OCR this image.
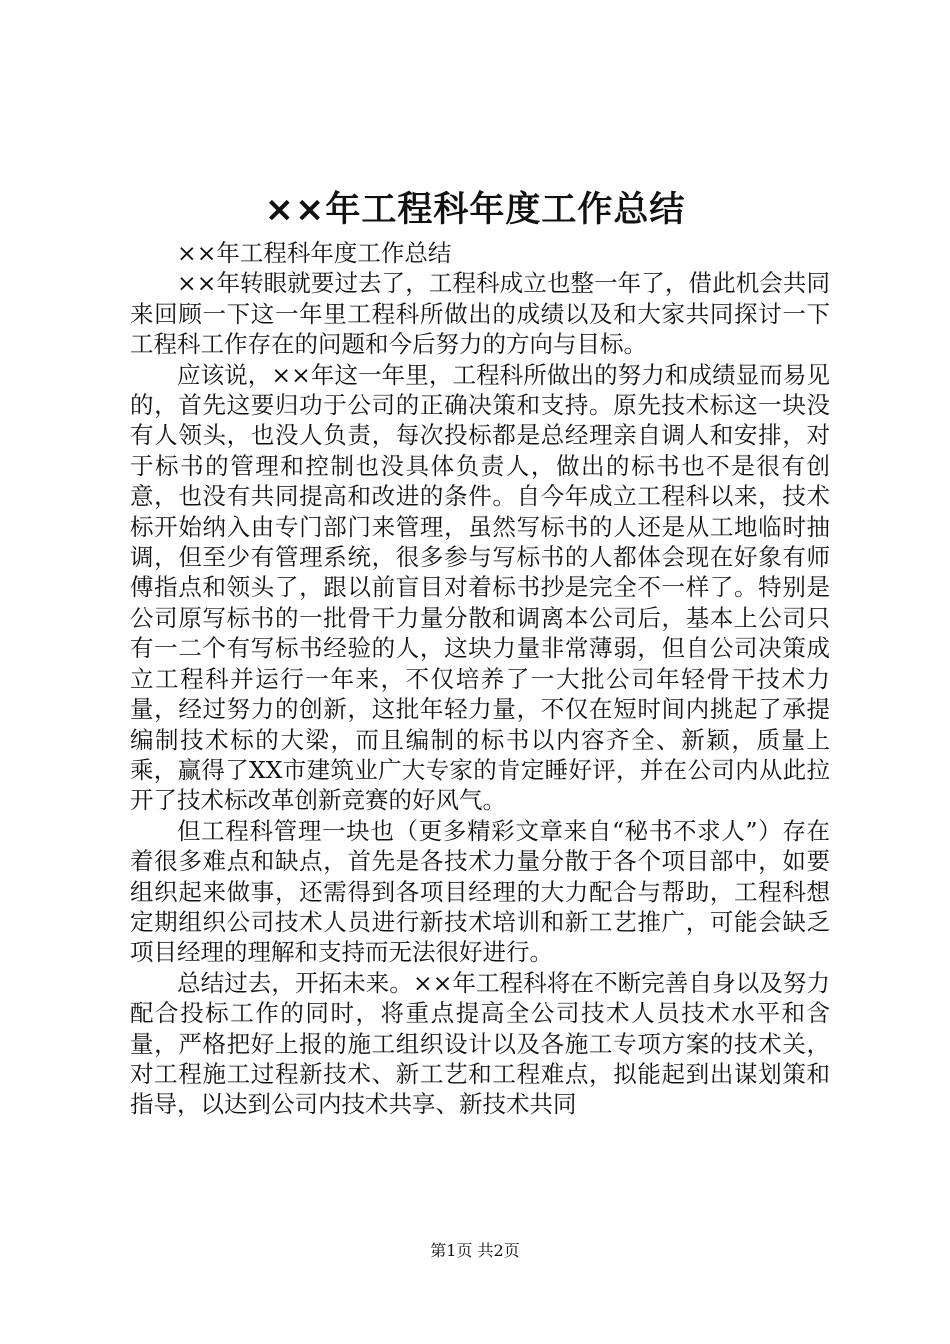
××年工程科年度工作总结

××年工程科年度工作总结

××年转眼就要过去了，工程科成立也整一年了，借此机会共同来回顾一下这一年里工程科所做出的成绩以及和大家共同探讨一下工程科工作存在的问题和今后努力的方向与目标。

应该说，××年这一年里，工程科所做出的努力和成绩显而易见的，首先这要归功于公司的正确决策和支持。原先技术标这一块没有人领头，也没人负责，每次投标都是总经理亲自调人和安排，对于标书的管理和控制也没具体负责人，做出的标书也不是很有创意，也没有共同提高和改进的条件。自今年成立工程科以来，技术标开始纳入由专门部门来管理，虽然写标书的人还是从工地临时抽调，但至少有管理系统，很多参与写标书的人都体会现在好象有师傅指点和领头了，跟以前盲目对着标书抄是完全不一样了。特别是公司原写标书的一批骨干力量分散和调离本公司后，基本上公司只有一二个有写标书经验的人，这块力量非常薄弱，但自公司决策成立工程科并运行一年来，不仅培养了一大批公司年轻骨干技术力量，经过努力的创新，这批年轻力量，不仅在短时间内挑起了承提编制技术标的大梁，而且编制的标书以内容齐全、新颖，质量上乘，赢得了XX市建筑业广大专家的肯定睡好评，并在公司内从此拉开了技术标改革创新竞赛的好风气。

但工程科管理一块也（更多精彩文章来自“秘书不求人”）存在着很多难点和缺点，首先是各技术力量分散于各个项目部中，如要组织起来做事，还需得到各项目经理的大力配合与帮助，工程科想定期组织公司技术人员进行新技术培训和新工艺推广，可能会缺乏项目经理的理解和支持而无法很好进行。

总结过去，开拓未来。××年工程科将在不断完善自身以及努力配合投标工作的同时，将重点提高全公司技术人员技术水平和含量，严格把好上报的施工组织设计以及各施工专项方案的技术关，对工程施工过程新技术、新工艺和工程难点，拟能起到出谋划策和指导，以达到公司内技术共享、新技术共同

第1页 共2页
